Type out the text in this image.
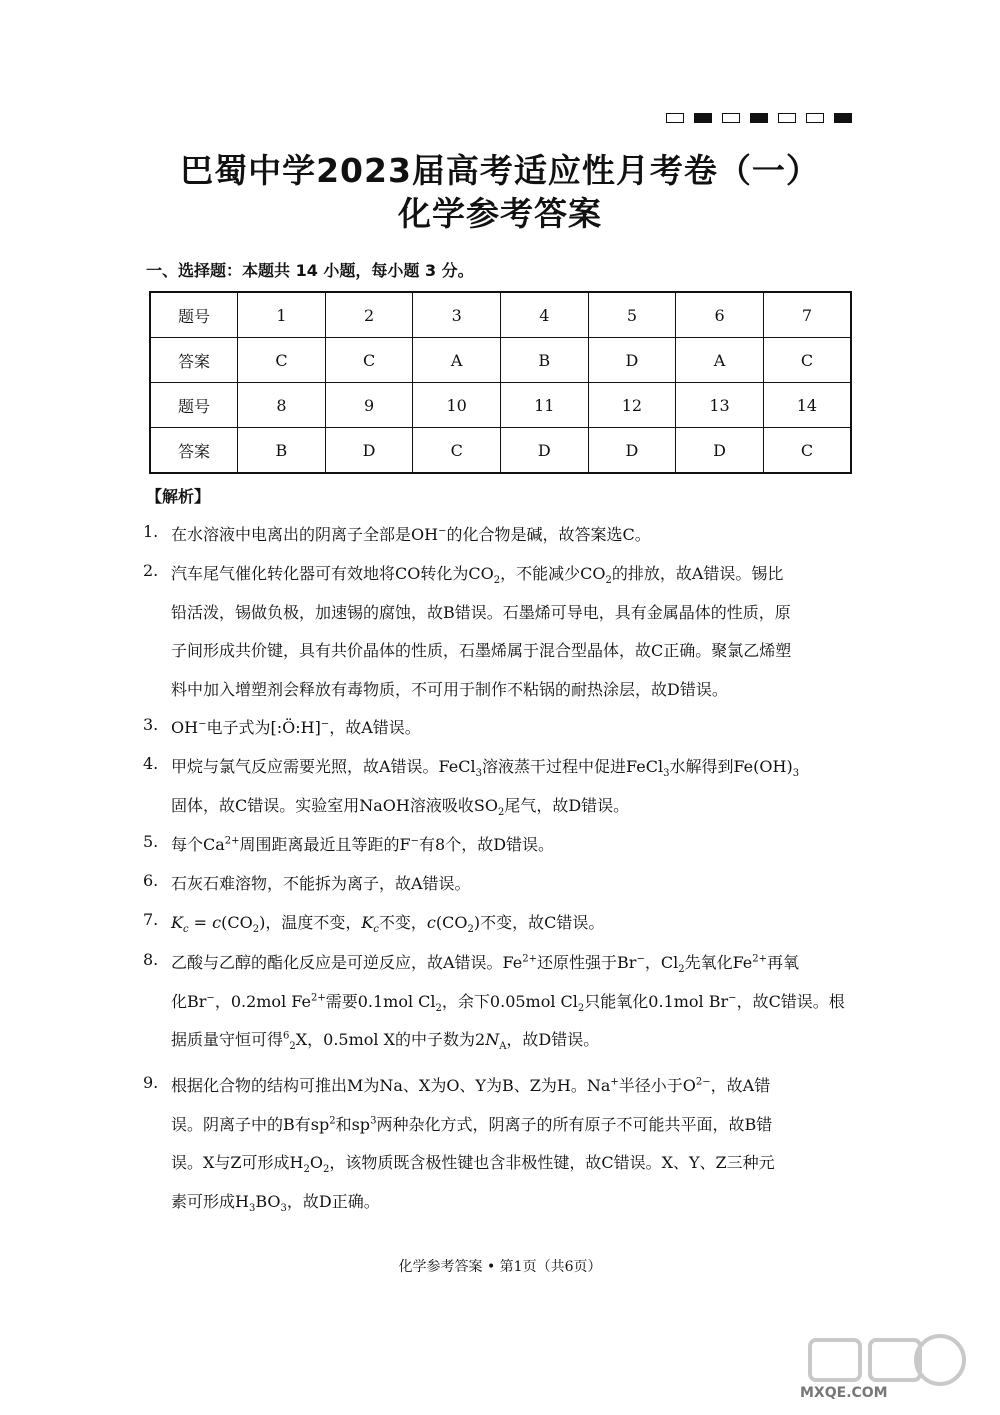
巴蜀中学2023届高考适应性月考卷（一）
化学参考答案
一、选择题：本题共 14 小题，每小题 3 分。
题号	1	2	3	4	5	6	7
答案	C	C	A	B	D	A	C
题号	8	9	10	11	12	13	14
答案	B	D	C	D	D	D	C
【解析】
1. 在水溶液中电离出的阴离子全部是OH−的化合物是碱，故答案选C。
2. 汽车尾气催化转化器可有效地将CO转化为$CO_2$，不能减少$CO_2$的排放，故A错误。锡比
铅活泼，锡做负极，加速锡的腐蚀，故B错误。石墨烯可导电，具有金属晶体的性质，原
子间形成共价键，具有共价晶体的性质，石墨烯属于混合型晶体，故C正确。聚氯乙烯塑
料中加入增塑剂会释放有毒物质，不可用于制作不粘锅的耐热涂层，故D错误。
3. OH−电子式为[:Ö:H]−，故A错误。
4. 甲烷与氯气反应需要光照，故A错误。FeCl$_3$溶液蒸干过程中促进FeCl$_3$水解得到$Fe(OH)_3$
固体，故C错误。实验室用NaOH溶液吸收$SO_2$尾气，故D错误。
5. 每个$Ca^{2+}$周围距离最近且等距的F−有8个，故D错误。
6. 石灰石难溶物，不能拆为离子，故A错误。
7. $K_c = c(CO_2)$，温度不变，$K_c$不变，$c(CO_2)$不变，故C错误。
8. 乙酸与乙醇的酯化反应是可逆反应，故A错误。$Fe^{2+}$还原性强于Br−，$Cl_2$先氧化$Fe^{2+}$再氧
化Br−，0.2mol $Fe^{2+}$需要0.1mol $Cl_2$，余下0.05mol $Cl_2$只能氧化0.1mol Br−，故C错误。根
据质量守恒可得$^6_2$X，0.5mol X的中子数为$2N_A$，故D错误。
9. 根据化合物的结构可推出M为Na、X为O、Y为B、Z为H。Na+半径小于$O^{2-}$，故A错
误。阴离子中的B有$sp^2$和$sp^3$两种杂化方式，阴离子的所有原子不可能共平面，故B错
误。X与Z可形成$H_2O_2$，该物质既含极性键也含非极性键，故C错误。X、Y、Z三种元
素可形成$H_3BO_3$，故D正确。
化学参考答案 • 第1页（共6页）
MXQE.COM
